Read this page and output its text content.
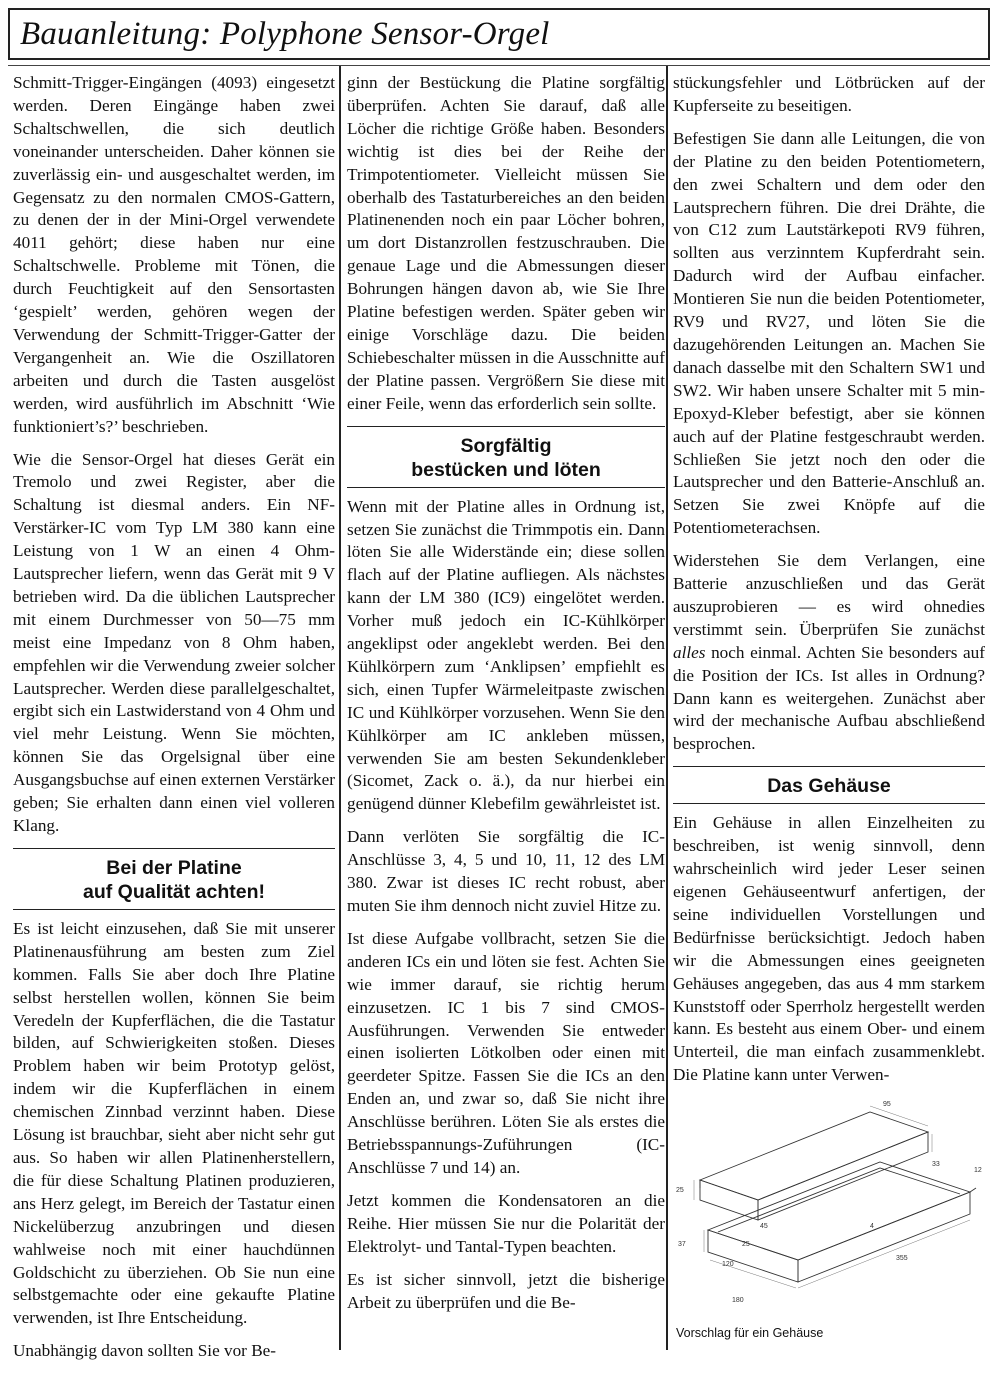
Bauanleitung: Polyphone Sensor-Orgel

Schmitt-Trigger-Eingängen (4093) eingesetzt werden. Deren Eingänge haben zwei Schaltschwellen, die sich deutlich voneinander unterscheiden. Daher können sie zuverlässig ein- und ausgeschaltet werden, im Gegensatz zu den normalen CMOS-Gattern, zu denen der in der Mini-Orgel verwendete 4011 gehört; diese haben nur eine Schaltschwelle. Probleme mit Tönen, die durch Feuchtigkeit auf den Sensortasten ‘gespielt’ werden, gehören wegen der Verwendung der Schmitt-Trigger-Gatter der Vergangenheit an. Wie die Oszillatoren arbeiten und durch die Tasten ausgelöst werden, wird ausführlich im Abschnitt ‘Wie funktioniert’s?’ beschrieben.

Wie die Sensor-Orgel hat dieses Gerät ein Tremolo und zwei Register, aber die Schaltung ist diesmal anders. Ein NF-Verstärker-IC vom Typ LM 380 kann eine Leistung von 1 W an einen 4 Ohm-Lautsprecher liefern, wenn das Gerät mit 9 V betrieben wird. Da die üblichen Lautsprecher mit einem Durchmesser von 50—75 mm meist eine Impedanz von 8 Ohm haben, empfehlen wir die Verwendung zweier solcher Lautsprecher. Werden diese parallelgeschaltet, ergibt sich ein Lastwiderstand von 4 Ohm und viel mehr Leistung. Wenn Sie möchten, können Sie das Orgelsignal über eine Ausgangsbuchse auf einen externen Verstärker geben; Sie erhalten dann einen viel volleren Klang.

Bei der Platine
auf Qualität achten!

Es ist leicht einzusehen, daß Sie mit unserer Platinenausführung am besten zum Ziel kommen. Falls Sie aber doch Ihre Platine selbst herstellen wollen, können Sie beim Veredeln der Kupferflächen, die die Tastatur bilden, auf Schwierigkeiten stoßen. Dieses Problem haben wir beim Prototyp gelöst, indem wir die Kupferflächen in einem chemischen Zinnbad verzinnt haben. Diese Lösung ist brauchbar, sieht aber nicht sehr gut aus. So haben wir allen Platinenherstellern, die für diese Schaltung Platinen produzieren, ans Herz gelegt, im Bereich der Tastatur einen Nickelüberzug anzubringen und diesen wahlweise noch mit einer hauchdünnen Goldschicht zu überziehen. Ob Sie nun eine selbstgemachte oder eine gekaufte Platine verwenden, ist Ihre Entscheidung.

Unabhängig davon sollten Sie vor Be-

ginn der Bestückung die Platine sorgfältig überprüfen. Achten Sie darauf, daß alle Löcher die richtige Größe haben. Besonders wichtig ist dies bei der Reihe der Trimpotentiometer. Vielleicht müssen Sie oberhalb des Tastaturbereiches an den beiden Platinenenden noch ein paar Löcher bohren, um dort Distanzrollen festzuschrauben. Die genaue Lage und die Abmessungen dieser Bohrungen hängen davon ab, wie Sie Ihre Platine befestigen werden. Später geben wir einige Vorschläge dazu. Die beiden Schiebeschalter müssen in die Ausschnitte auf der Platine passen. Vergrößern Sie diese mit einer Feile, wenn das erforderlich sein sollte.

Sorgfältig
bestücken und löten

Wenn mit der Platine alles in Ordnung ist, setzen Sie zunächst die Trimmpotis ein. Dann löten Sie alle Widerstände ein; diese sollen flach auf der Platine aufliegen. Als nächstes kann der LM 380 (IC9) eingelötet werden. Vorher muß jedoch ein IC-Kühlkörper angeklipst oder angeklebt werden. Bei den Kühlkörpern zum ‘Anklipsen’ empfiehlt es sich, einen Tupfer Wärmeleitpaste zwischen IC und Kühlkörper vorzusehen. Wenn Sie den Kühlkörper am IC ankleben müssen, verwenden Sie am besten Sekundenkleber (Sicomet, Zack o. ä.), da nur hierbei ein genügend dünner Klebefilm gewährleistet ist.

Dann verlöten Sie sorgfältig die IC-Anschlüsse 3, 4, 5 und 10, 11, 12 des LM 380. Zwar ist dieses IC recht robust, aber muten Sie ihm dennoch nicht zuviel Hitze zu.

Ist diese Aufgabe vollbracht, setzen Sie die anderen ICs ein und löten sie fest. Achten Sie wie immer darauf, sie richtig herum einzusetzen. IC 1 bis 7 sind CMOS-Ausführungen. Verwenden Sie entweder einen isolierten Lötkolben oder einen mit geerdeter Spitze. Fassen Sie die ICs an den Enden an, und zwar so, daß Sie nicht ihre Anschlüsse berühren. Löten Sie als erstes die Betriebsspannungs-Zuführungen (IC-Anschlüsse 7 und 14) an.

Jetzt kommen die Kondensatoren an die Reihe. Hier müssen Sie nur die Polarität der Elektrolyt- und Tantal-Typen beachten.

Es ist sicher sinnvoll, jetzt die bisherige Arbeit zu überprüfen und die Be-

stückungsfehler und Lötbrücken auf der Kupferseite zu beseitigen.

Befestigen Sie dann alle Leitungen, die von der Platine zu den beiden Potentiometern, den zwei Schaltern und dem oder den Lautsprechern führen. Die drei Drähte, die von C12 zum Lautstärkepoti RV9 führen, sollten aus verzinntem Kupferdraht sein. Dadurch wird der Aufbau einfacher. Montieren Sie nun die beiden Potentiometer, RV9 und RV27, und löten Sie die dazugehörenden Leitungen an. Machen Sie danach dasselbe mit den Schaltern SW1 und SW2. Wir haben unsere Schalter mit 5 min-Epoxyd-Kleber befestigt, aber sie können auch auf der Platine festgeschraubt werden. Schließen Sie jetzt noch den oder die Lautsprecher und den Batterie-Anschluß an. Setzen Sie zwei Knöpfe auf die Potentiometerachsen.

Widerstehen Sie dem Verlangen, eine Batterie anzuschließen und das Gerät auszuprobieren — es wird ohnedies verstimmt sein. Überprüfen Sie zunächst alles noch einmal. Achten Sie besonders auf die Position der ICs. Ist alles in Ordnung? Dann kann es weitergehen. Zunächst aber wird der mechanische Aufbau abschließend besprochen.

Das Gehäuse

Ein Gehäuse in allen Einzelheiten zu beschreiben, ist wenig sinnvoll, denn wahrscheinlich wird jeder Leser seinen eigenen Gehäuseentwurf anfertigen, der seine individuellen Vorstellungen und Bedürfnisse berücksichtigt. Jedoch haben wir die Abmessungen eines geeigneten Gehäuses angegeben, das aus 4 mm starkem Kunststoff oder Sperrholz hergestellt werden kann. Es besteht aus einem Ober- und einem Unterteil, die man einfach zusammenklebt. Die Platine kann unter Verwen-

95
33
12
25
45	4
37	25
355
120
180
Vorschlag für ein Gehäuse
